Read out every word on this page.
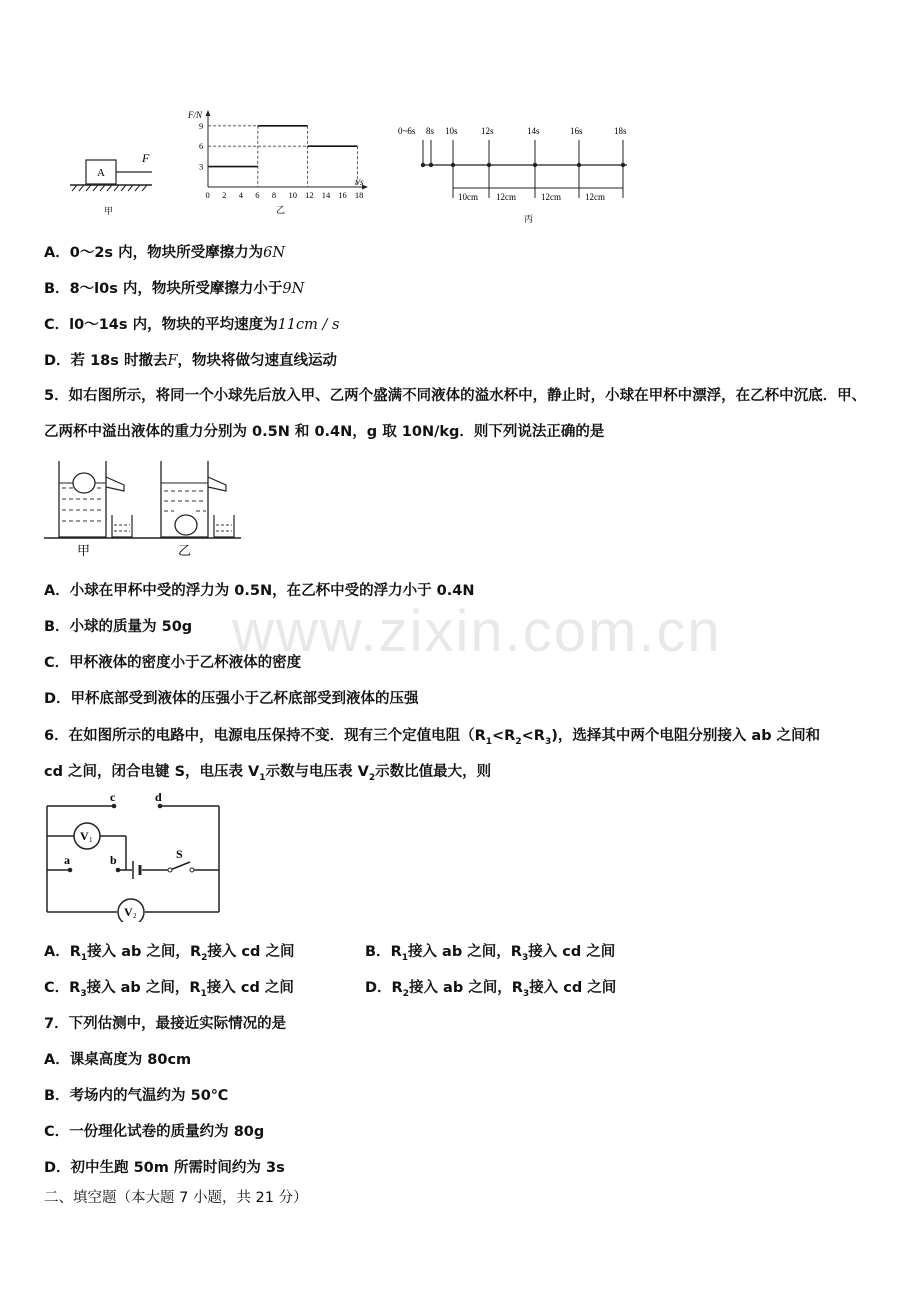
www.zixin.com.cn
A
F
甲
F/N
t/s
0 2 4 6 8 10 12 14 16 18
9
6
3
乙
0~6s 8s 10s	12s	14s	16s	18s
10cm 12cm	12cm	12cm
丙
A．0～2s 内，物块所受摩擦力为6N
B．8～l0s 内，物块所受摩擦力小于9N
C．l0～14s 内，物块的平均速度为11cm / s
D．若 18s 时撤去F，物块将做匀速直线运动
5．如右图所示，将同一个小球先后放入甲、乙两个盛满不同液体的溢水杯中，静止时，小球在甲杯中漂浮，在乙杯中沉底．甲、乙两杯中溢出液体的重力分别为 0.5N 和 0.4N，g 取 10N/kg．则下列说法正确的是
甲	乙
A．小球在甲杯中受的浮力为 0.5N，在乙杯中受的浮力小于 0.4N
B．小球的质量为 50g
C．甲杯液体的密度小于乙杯液体的密度
D．甲杯底部受到液体的压强小于乙杯底部受到液体的压强
6．在如图所示的电路中，电源电压保持不变．现有三个定值电阻$(R_1<R_2<R_3)$，选择其中两个电阻分别接入 ab 之间和
cd 之间，闭合电键 S，电压表 $V_1$示数与电压表 $V_2$示数比值最大，则
c	d
a	b	S
V
V
1
2
A．$R_1$接入 ab 之间，$R_2$接入 cd 之间	B．$R_1$接入 ab 之间，$R_3$接入 cd 之间
C．$R_3$接入 ab 之间，$R_1$接入 cd 之间	D．$R_2$接入 ab 之间，$R_3$接入 cd 之间
7．下列估测中，最接近实际情况的是
A．课桌高度为 80cm
B．考场内的气温约为 50℃
C．一份理化试卷的质量约为 80g
D．初中生跑 50m 所需时间约为 3s
二、填空题（本大题 7 小题，共 21 分）
